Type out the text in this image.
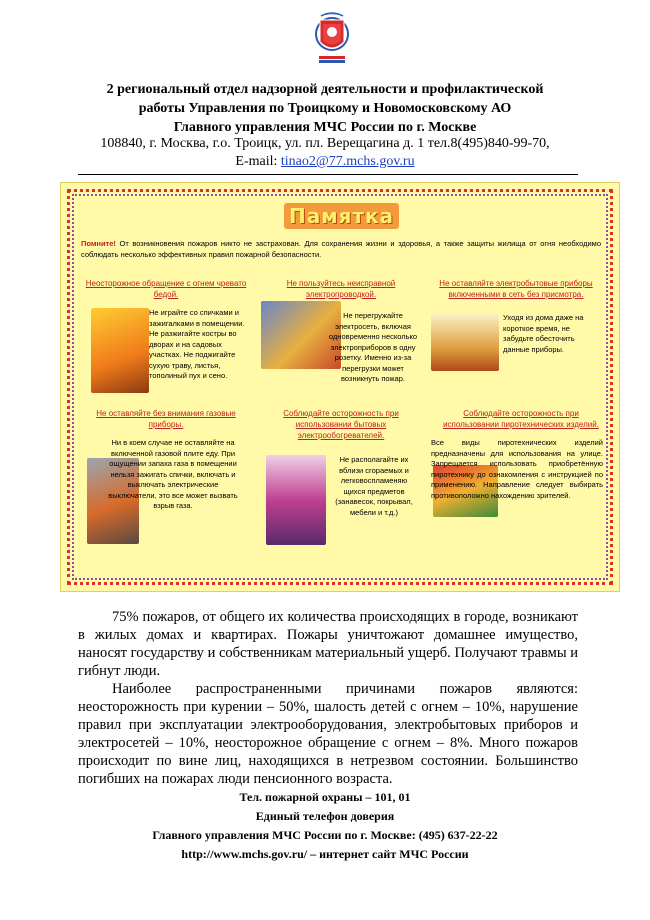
МОСКВА
2 региональный отдел надзорной деятельности и профилактической
работы Управления по Троицкому и Новомосковскому АО
Главного управления МЧС России по г. Москве
108840, г. Москва, г.о. Троицк, ул. пл. Верещагина д. 1 тел.8(495)840-99-70,
E-mail: tinao2@77.mchs.gov.ru
Памятка
Помните! От возникновения пожаров никто не застрахован. Для сохранения жизни и здоровья, а также защиты жилища от огня необходимо соблюдать несколько эффективных правил пожарной безопасности.
Неосторожное обращение с огнем чревато бедой.
Не играйте со спичками и зажигалками в помещении. Не разжигайте костры во дворах и на садовых участках. Не поджигайте сухую траву, листья, тополиный пух и сено.
Не пользуйтесь неисправной электропроводкой.
Не перегружайте электросеть, включая одновременно несколько электроприборов в одну розетку. Именно из-за перегрузки может возникнуть пожар.
Не оставляйте электробытовые приборы включенными в сеть без присмотра.
Уходя из дома даже на короткое время, не забудьте обесточить данные приборы.
Не оставляйте без внимания газовые приборы.
Ни в коем случае не оставляйте на включенной газовой плите еду. При ощущении запаха газа в помещении нельзя зажигать спички, включать и выключать электрические выключатели, это все может вызвать взрыв газа.
Соблюдайте осторожность при использовании бытовых электрообогревателей.
Не располагайте их вблизи сгораемых и легковоспламеняю щихся предметов (занавесок, покрывал, мебели и т.д.)
Соблюдайте осторожность при использовании пиротехнических изделий.
Все виды пиротехнических изделий предназначены для использования на улице. Запрещается использовать приобретённую пиротехнику до ознакомления с инструкцией по применению. Направление следует выбирать противоположно нахождению зрителей.

75% пожаров, от общего их количества происходящих в городе, возникают в жилых домах и квартирах. Пожары уничтожают домашнее имущество, наносят государству и собственникам материальный ущерб. Получают травмы и гибнут люди.

Наиболее распространенными причинами пожаров являются: неосторожность при курении – 50%, шалость детей с огнем – 10%, нарушение правил при эксплуатации электрооборудования, электробытовых приборов и электросетей – 10%, неосторожное обращение с огнем – 8%. Много пожаров происходит по вине лиц, находящихся в нетрезвом состоянии. Большинство погибших на пожарах люди пенсионного возраста.

Тел. пожарной охраны – 101, 01
Единый телефон доверия
Главного управления МЧС России по г. Москве: (495) 637-22-22
http://www.mchs.gov.ru/ – интернет сайт МЧС России
